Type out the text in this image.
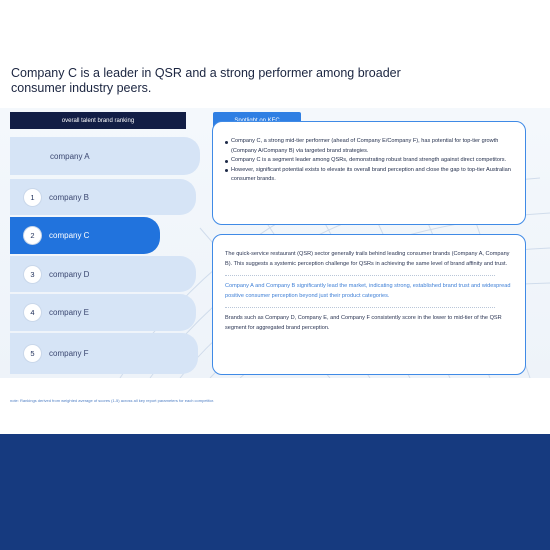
Company C is a leader in QSR and a strong performer among broader consumer industry peers.
overall talent brand ranking
company A
1	company B
2	company C
3	company D
4	company E
5	company F
Company C, a strong mid-tier performer (ahead of Company E/Company F), has potential for top-tier growth (Company A/Company B) via targeted brand strategies.
Company C is a segment leader among QSRs, demonstrating robust brand strength against direct competitors.
However, significant potential exists to elevate its overall brand perception and close the gap to top-tier Australian consumer brands.
The quick-service restaurant (QSR) sector generally trails behind leading consumer brands (Company A, Company B). This suggests a systemic perception challenge for QSRs in achieving the same level of brand affinity and trust.
Company A and Company B significantly lead the market, indicating strong, established brand trust and widespread positive consumer perception beyond just their product categories.
Brands such as Company D, Company E, and Company F consistently score in the lower to mid-tier of the QSR segment for aggregated brand perception.
note: Rankings derived from weighted average of scores (1-5) across all key report parameters for each competitor.
